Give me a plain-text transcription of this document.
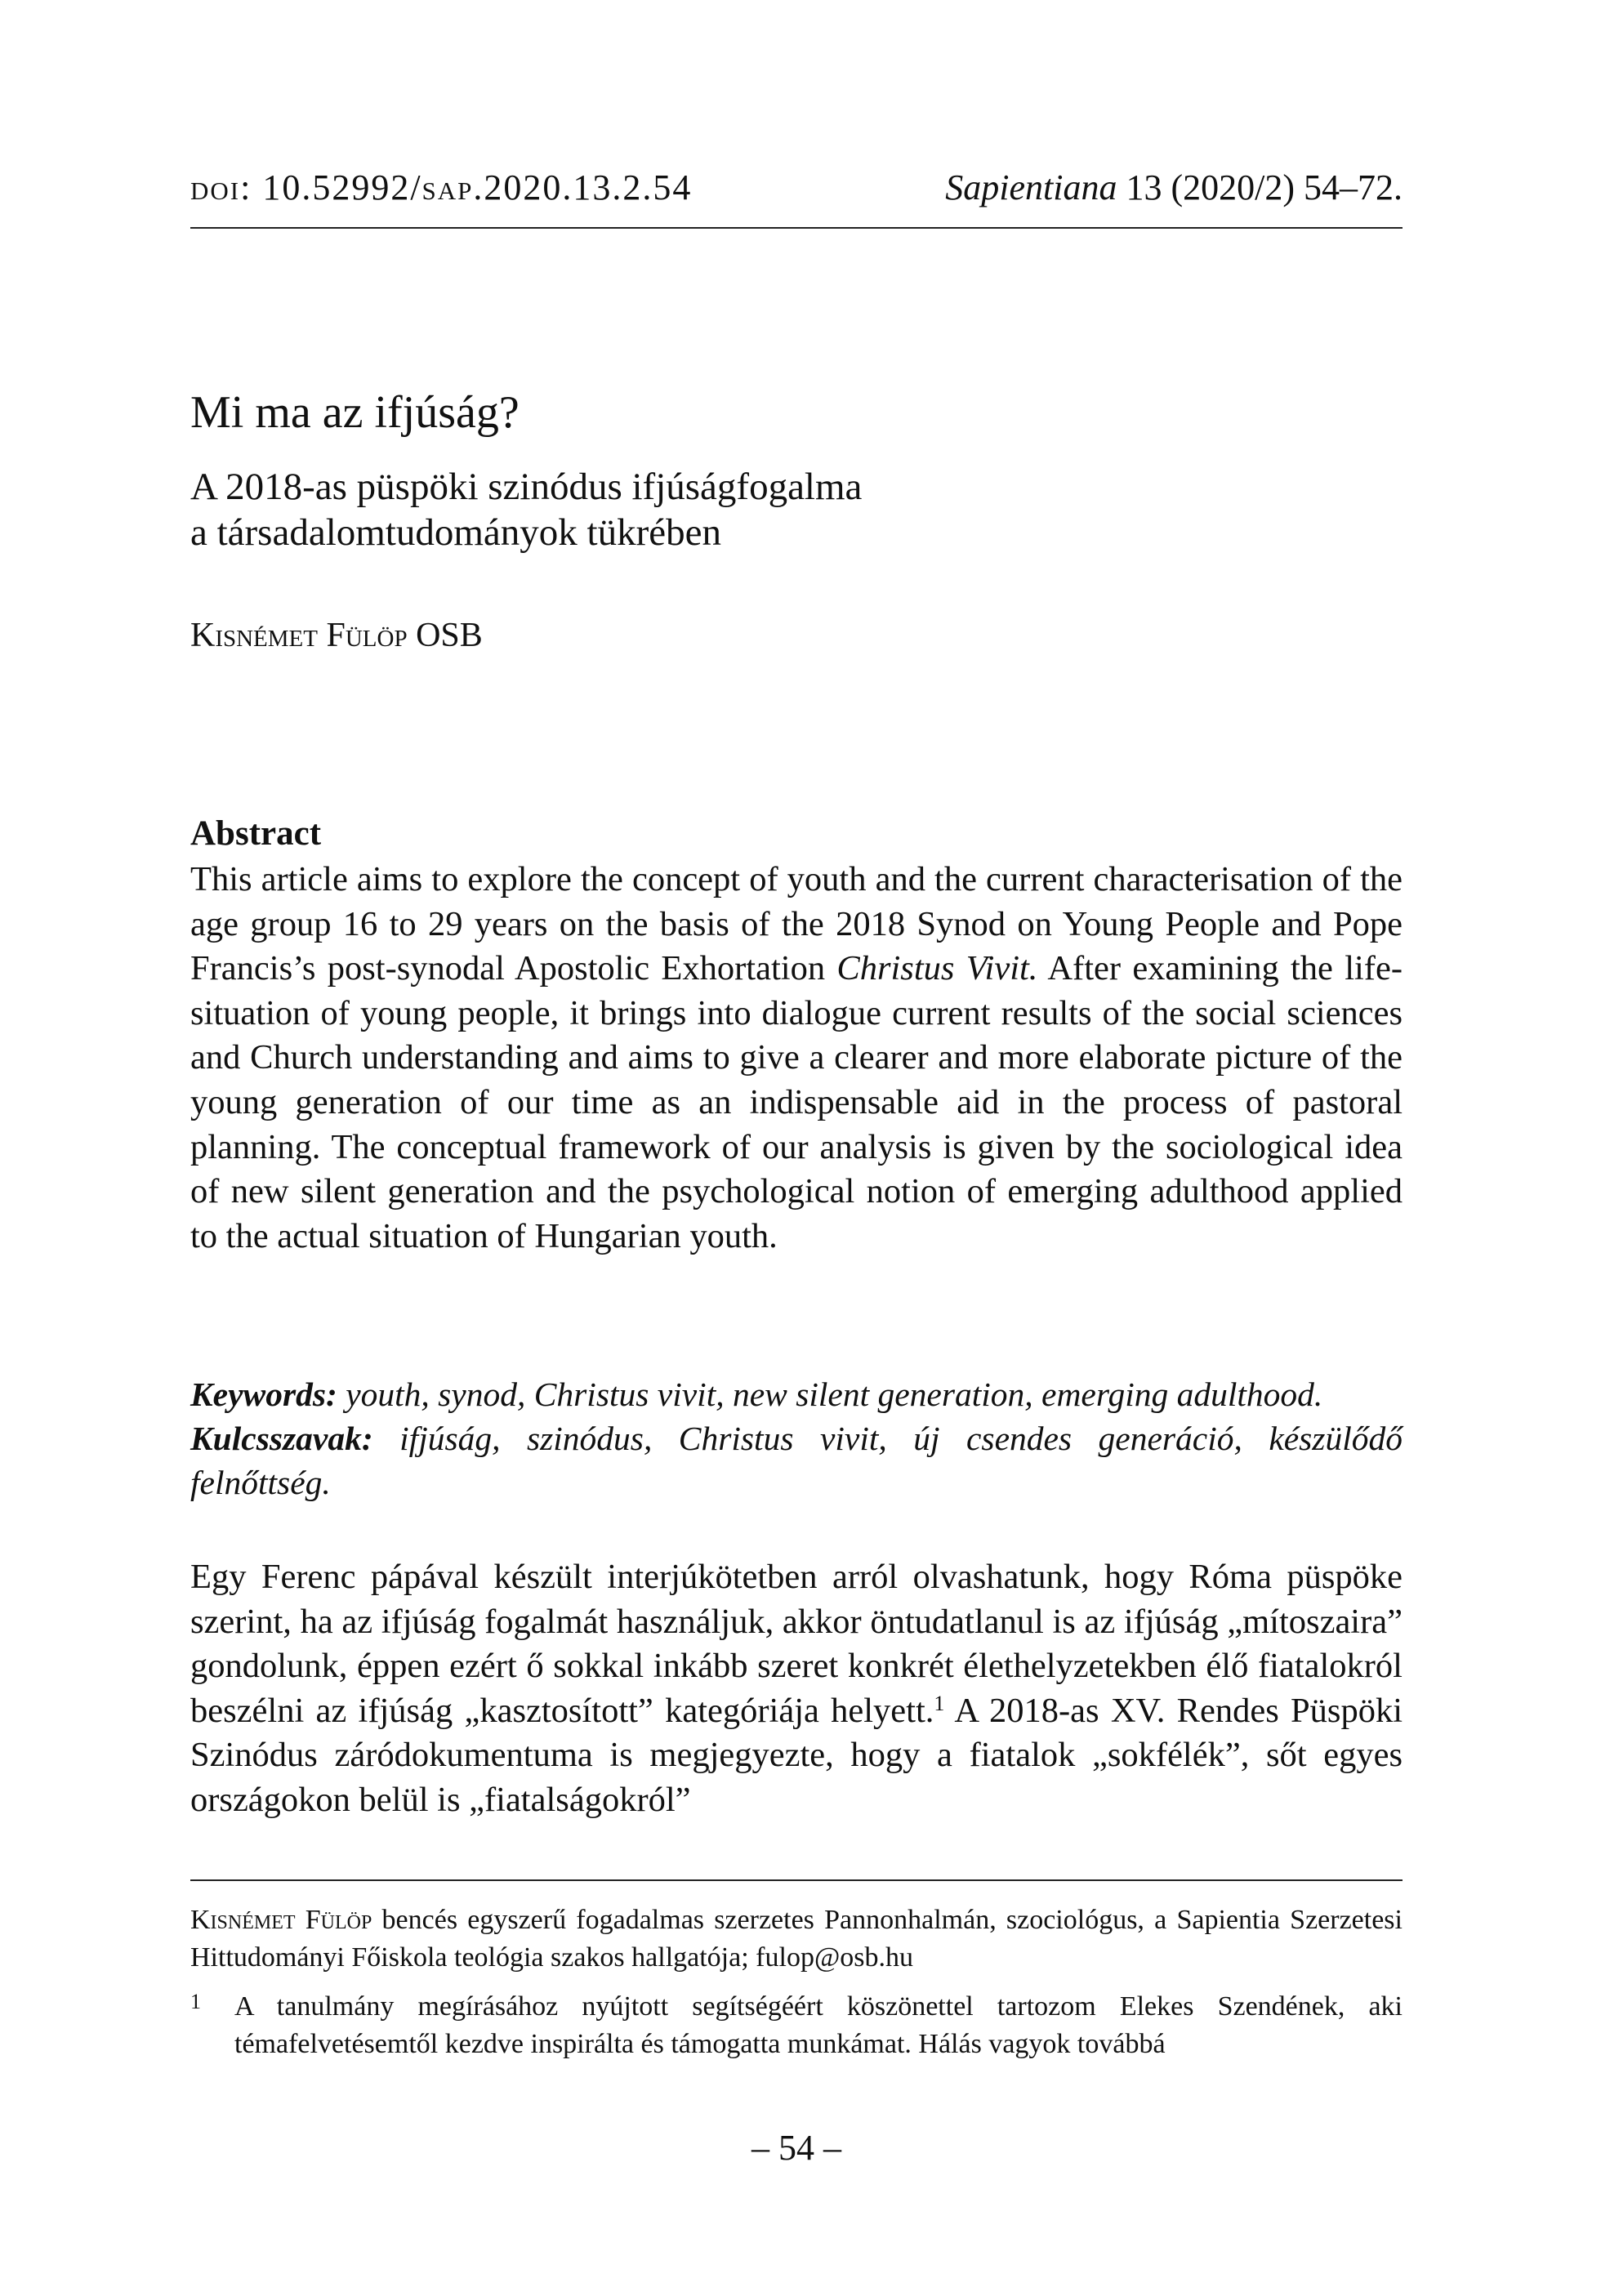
doi: 10.52992/sap.2020.13.2.54	Sapientiana 13 (2020/2) 54–72.
Mi ma az ifjúság?
A 2018-as püspöki szinódus ifjúságfogalma
a társadalomtudományok tükrében
Kisnémet Fülöp OSB
Abstract

This article aims to explore the concept of youth and the current characterisation of the age group 16 to 29 years on the basis of the 2018 Synod on Young People and Pope Francis’s post-synodal Apostolic Exhortation Christus Vivit. After examining the life-situation of young people, it brings into dialogue current results of the social sciences and Church understanding and aims to give a clearer and more elaborate picture of the young generation of our time as an indispensable aid in the process of pastoral planning. The conceptual framework of our analysis is given by the sociological idea of new silent generation and the psychological notion of emerging adulthood applied to the actual situation of Hungarian youth.

Keywords: youth, synod, Christus vivit, new silent generation, emerging adulthood.

Kulcsszavak: ifjúság, szinódus, Christus vivit, új csendes generáció, készülődő felnőttség.

Egy Ferenc pápával készült interjúkötetben arról olvashatunk, hogy Róma püspöke szerint, ha az ifjúság fogalmát használjuk, akkor öntudatlanul is az ifjúság „mítoszaira” gondolunk, éppen ezért ő sokkal inkább szeret konkrét élethelyzetekben élő fiatalokról beszélni az ifjúság „kasztosított” kategóriája helyett.$^1$ A 2018-as XV. Rendes Püspöki Szinódus záródokumentuma is megjegyezte, hogy a fiatalok „sokfélék”, sőt egyes országokon belül is „fiatalságokról”

Kisnémet Fülöp bencés egyszerű fogadalmas szerzetes Pannonhalmán, szociológus, a Sapientia Szerzetesi Hittudományi Főiskola teológia szakos hallgatója; fulop@osb.hu

1 A tanulmány megírásához nyújtott segítségéért köszönettel tartozom Elekes Szendének, aki témafelvetésemtől kezdve inspirálta és támogatta munkámat. Hálás vagyok továbbá
– 54 –
